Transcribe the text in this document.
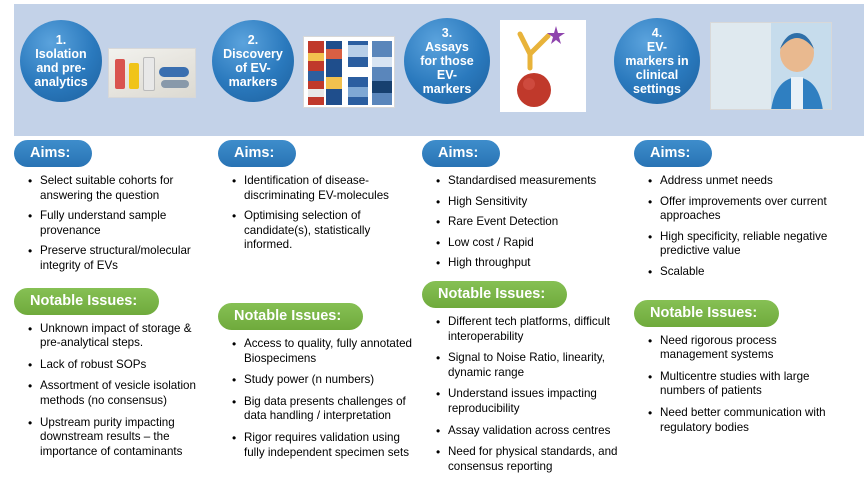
1.
Isolation
and pre-
analytics
2.
Discovery
of EV-
markers
3.
Assays
for those
EV-
markers
4.
EV-
markers in
clinical
settings
Aims:
• Select suitable cohorts for answering the question
• Fully understand sample provenance
• Preserve structural/molecular integrity of EVs
Notable Issues:
• Unknown impact of storage & pre-analytical steps.
• Lack of robust SOPs
• Assortment of vesicle isolation methods (no consensus)
• Upstream purity impacting downstream results – the importance of contaminants
Aims:
• Identification of disease-discriminating EV-molecules
• Optimising selection of candidate(s), statistically informed.
Notable Issues:
• Access to quality, fully annotated Biospecimens
• Study power (n numbers)
• Big data presents challenges of data handling / interpretation
• Rigor requires validation using fully independent specimen sets
Aims:
• Standardised measurements
• High Sensitivity
• Rare Event Detection
• Low cost / Rapid
• High throughput
Notable Issues:
• Different tech platforms, difficult interoperability
• Signal to Noise Ratio, linearity, dynamic range
• Understand issues impacting reproducibility
• Assay validation across centres
• Need for physical standards, and consensus reporting
Aims:
• Address unmet needs
• Offer improvements over current approaches
• High specificity, reliable negative predictive value
• Scalable
Notable Issues:
• Need rigorous process management systems
• Multicentre studies with large numbers of patients
• Need better communication with regulatory bodies
